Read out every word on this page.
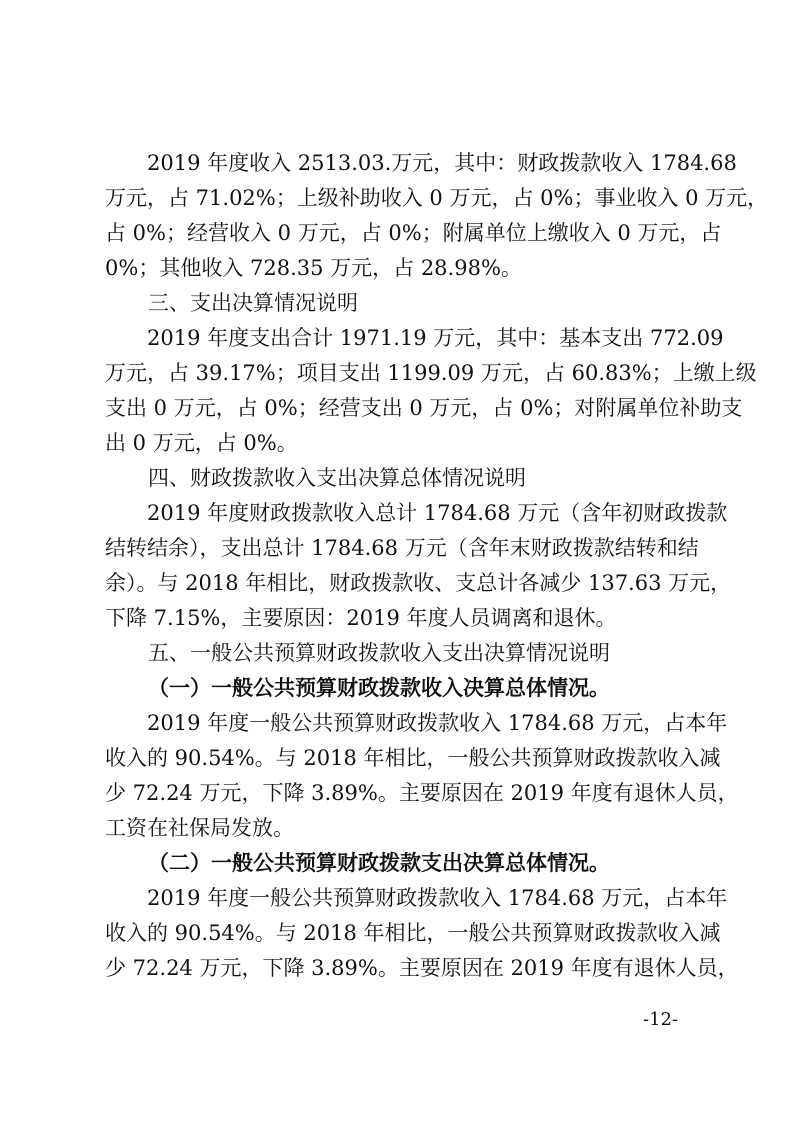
　　2019 年度收入 2513.03.万元，其中：财政拨款收入 1784.68
万元，占 71.02%；上级补助收入 0 万元，占 0%；事业收入 0 万元，
占 0%；经营收入 0 万元，占 0%；附属单位上缴收入 0 万元，占
0%；其他收入 728.35 万元，占 28.98%。
三、支出决算情况说明
　　2019 年度支出合计 1971.19 万元，其中：基本支出 772.09
万元，占 39.17%；项目支出 1199.09 万元，占 60.83%；上缴上级
支出 0 万元，占 0%；经营支出 0 万元，占 0%；对附属单位补助支
出 0 万元，占 0%。
四、财政拨款收入支出决算总体情况说明
　　2019 年度财政拨款收入总计 1784.68 万元（含年初财政拨款
结转结余），支出总计 1784.68 万元（含年末财政拨款结转和结
余）。与 2018 年相比，财政拨款收、支总计各减少 137.63 万元，
下降 7.15%，主要原因：2019 年度人员调离和退休。
五、一般公共预算财政拨款收入支出决算情况说明
（一）一般公共预算财政拨款收入决算总体情况。
　　2019 年度一般公共预算财政拨款收入 1784.68 万元，占本年
收入的 90.54%。与 2018 年相比，一般公共预算财政拨款收入减
少 72.24 万元，下降 3.89%。主要原因在 2019 年度有退休人员，
工资在社保局发放。
（二）一般公共预算财政拨款支出决算总体情况。
　　2019 年度一般公共预算财政拨款收入 1784.68 万元，占本年
收入的 90.54%。与 2018 年相比，一般公共预算财政拨款收入减
少 72.24 万元，下降 3.89%。主要原因在 2019 年度有退休人员，
-12-
